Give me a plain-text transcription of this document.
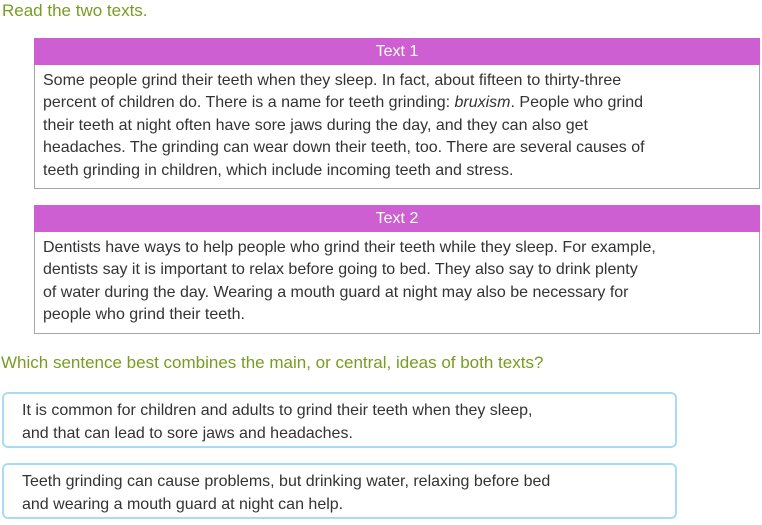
Read the two texts.
Text 1
Some people grind their teeth when they sleep. In fact, about fifteen to thirty-three
percent of children do. There is a name for teeth grinding: bruxism. People who grind
their teeth at night often have sore jaws during the day, and they can also get
headaches. The grinding can wear down their teeth, too. There are several causes of
teeth grinding in children, which include incoming teeth and stress.
Text 2
Dentists have ways to help people who grind their teeth while they sleep. For example,
dentists say it is important to relax before going to bed. They also say to drink plenty
of water during the day. Wearing a mouth guard at night may also be necessary for
people who grind their teeth.
Which sentence best combines the main, or central, ideas of both texts?
It is common for children and adults to grind their teeth when they sleep,
and that can lead to sore jaws and headaches.
Teeth grinding can cause problems, but drinking water, relaxing before bed
and wearing a mouth guard at night can help.
